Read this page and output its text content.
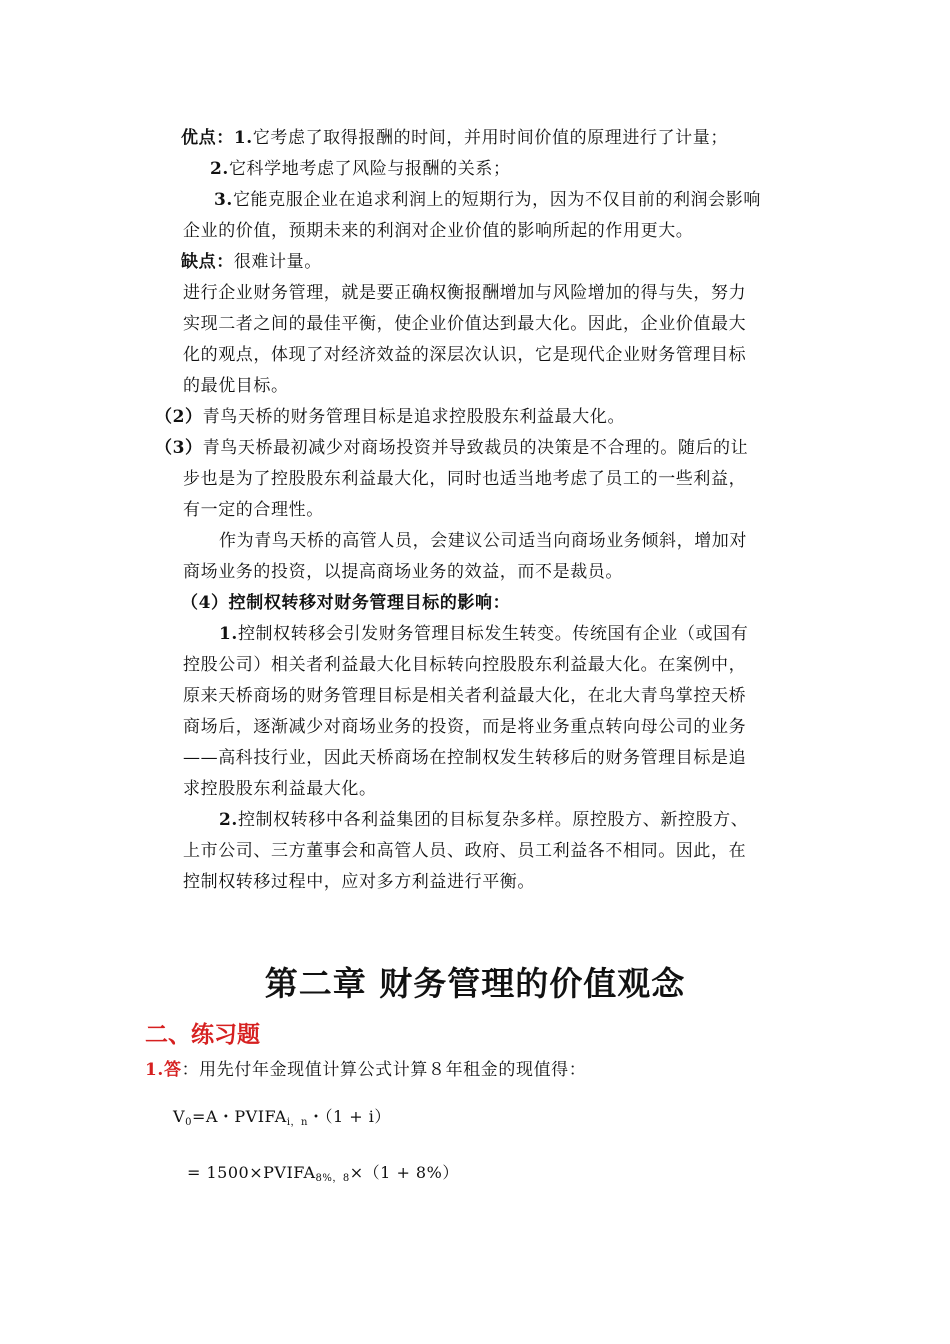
优点：1.它考虑了取得报酬的时间，并用时间价值的原理进行了计量；
2.它科学地考虑了风险与报酬的关系；
3.它能克服企业在追求利润上的短期行为，因为不仅目前的利润会影响
企业的价值，预期未来的利润对企业价值的影响所起的作用更大。
缺点：很难计量。
进行企业财务管理，就是要正确权衡报酬增加与风险增加的得与失，努力
实现二者之间的最佳平衡，使企业价值达到最大化。因此，企业价值最大
化的观点，体现了对经济效益的深层次认识，它是现代企业财务管理目标
的最优目标。
（2）青鸟天桥的财务管理目标是追求控股股东利益最大化。
（3）青鸟天桥最初减少对商场投资并导致裁员的决策是不合理的。随后的让
步也是为了控股股东利益最大化，同时也适当地考虑了员工的一些利益，
有一定的合理性。
作为青鸟天桥的高管人员，会建议公司适当向商场业务倾斜，增加对
商场业务的投资，以提高商场业务的效益，而不是裁员。
（4）控制权转移对财务管理目标的影响：
1.控制权转移会引发财务管理目标发生转变。传统国有企业（或国有
控股公司）相关者利益最大化目标转向控股股东利益最大化。在案例中，
原来天桥商场的财务管理目标是相关者利益最大化，在北大青鸟掌控天桥
商场后，逐渐减少对商场业务的投资，而是将业务重点转向母公司的业务
——高科技行业，因此天桥商场在控制权发生转移后的财务管理目标是追
求控股股东利益最大化。
2.控制权转移中各利益集团的目标复杂多样。原控股方、新控股方、
上市公司、三方董事会和高管人员、政府、员工利益各不相同。因此，在
控制权转移过程中，应对多方利益进行平衡。
第二章 财务管理的价值观念
二、练习题
1.答：用先付年金现值计算公式计算８年租金的现值得：
$V_0=A$・$PVIFA_{i,n}$・（1 + i）
= $1500\times PVIFA_{8\%,8}\times(1 + 8\%)$
